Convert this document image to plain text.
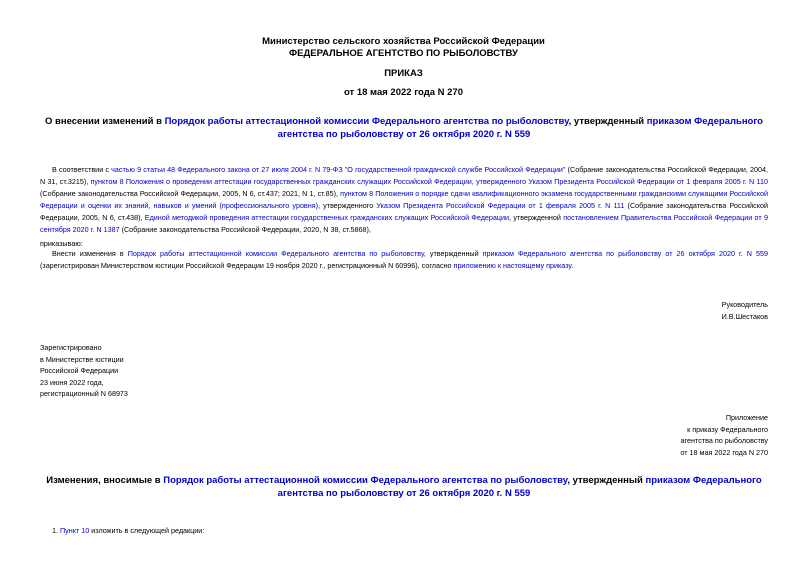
Министерство сельского хозяйства Российской Федерации
ФЕДЕРАЛЬНОЕ АГЕНТСТВО ПО РЫБОЛОВСТВУ
ПРИКАЗ
от 18 мая 2022 года N 270
О внесении изменений в Порядок работы аттестационной комиссии Федерального агентства по рыболовству, утвержденный приказом Федерального агентства по рыболовству от 26 октября 2020 г. N 559

В соответствии с частью 9 статьи 48 Федерального закона от 27 июля 2004 г. N 79-ФЗ "О государственной гражданской службе Российской Федерации" (Собрание законодательства Российской Федерации, 2004, N 31, ст.3215), пунктом 8 Положения о проведении аттестации государственных гражданских служащих Российской Федерации, утвержденного Указом Президента Российской Федерации от 1 февраля 2005 г. N 110 (Собрание законодательства Российской Федерации, 2005, N 6, ст.437; 2021, N 1, ст.85), пунктом 8 Положения о порядке сдачи квалификационного экзамена государственными гражданскими служащими Российской Федерации и оценки их знаний, навыков и умений (профессионального уровня), утвержденного Указом Президента Российской Федерации от 1 февраля 2005 г. N 111 (Собрание законодательства Российской Федерации, 2005, N 6, ст.438), Единой методикой проведения аттестации государственных гражданских служащих Российской Федерации, утвержденной постановлением Правительства Российской Федерации от 9 сентября 2020 г. N 1387 (Собрание законодательства Российской Федерации, 2020, N 38, ст.5868),

приказываю:

Внести изменения в Порядок работы аттестационной комиссии Федерального агентства по рыболовству, утвержденный приказом Федерального агентства по рыболовству от 26 октября 2020 г. N 559 (зарегистрирован Министерством юстиции Российской Федерации 19 ноября 2020 г., регистрационный N 60996), согласно приложению к настоящему приказу.

Руководитель
И.В.Шестаков
Зарегистрировано
в Министерстве юстиции
Российской Федерации
23 июня 2022 года,
регистрационный N 68973
Приложение
к приказу Федерального
агентства по рыболовству
от 18 мая 2022 года N 270
Изменения, вносимые в Порядок работы аттестационной комиссии Федерального агентства по рыболовству, утвержденный приказом Федерального агентства по рыболовству от 26 октября 2020 г. N 559
1. Пункт 10 изложить в следующей редакции:
